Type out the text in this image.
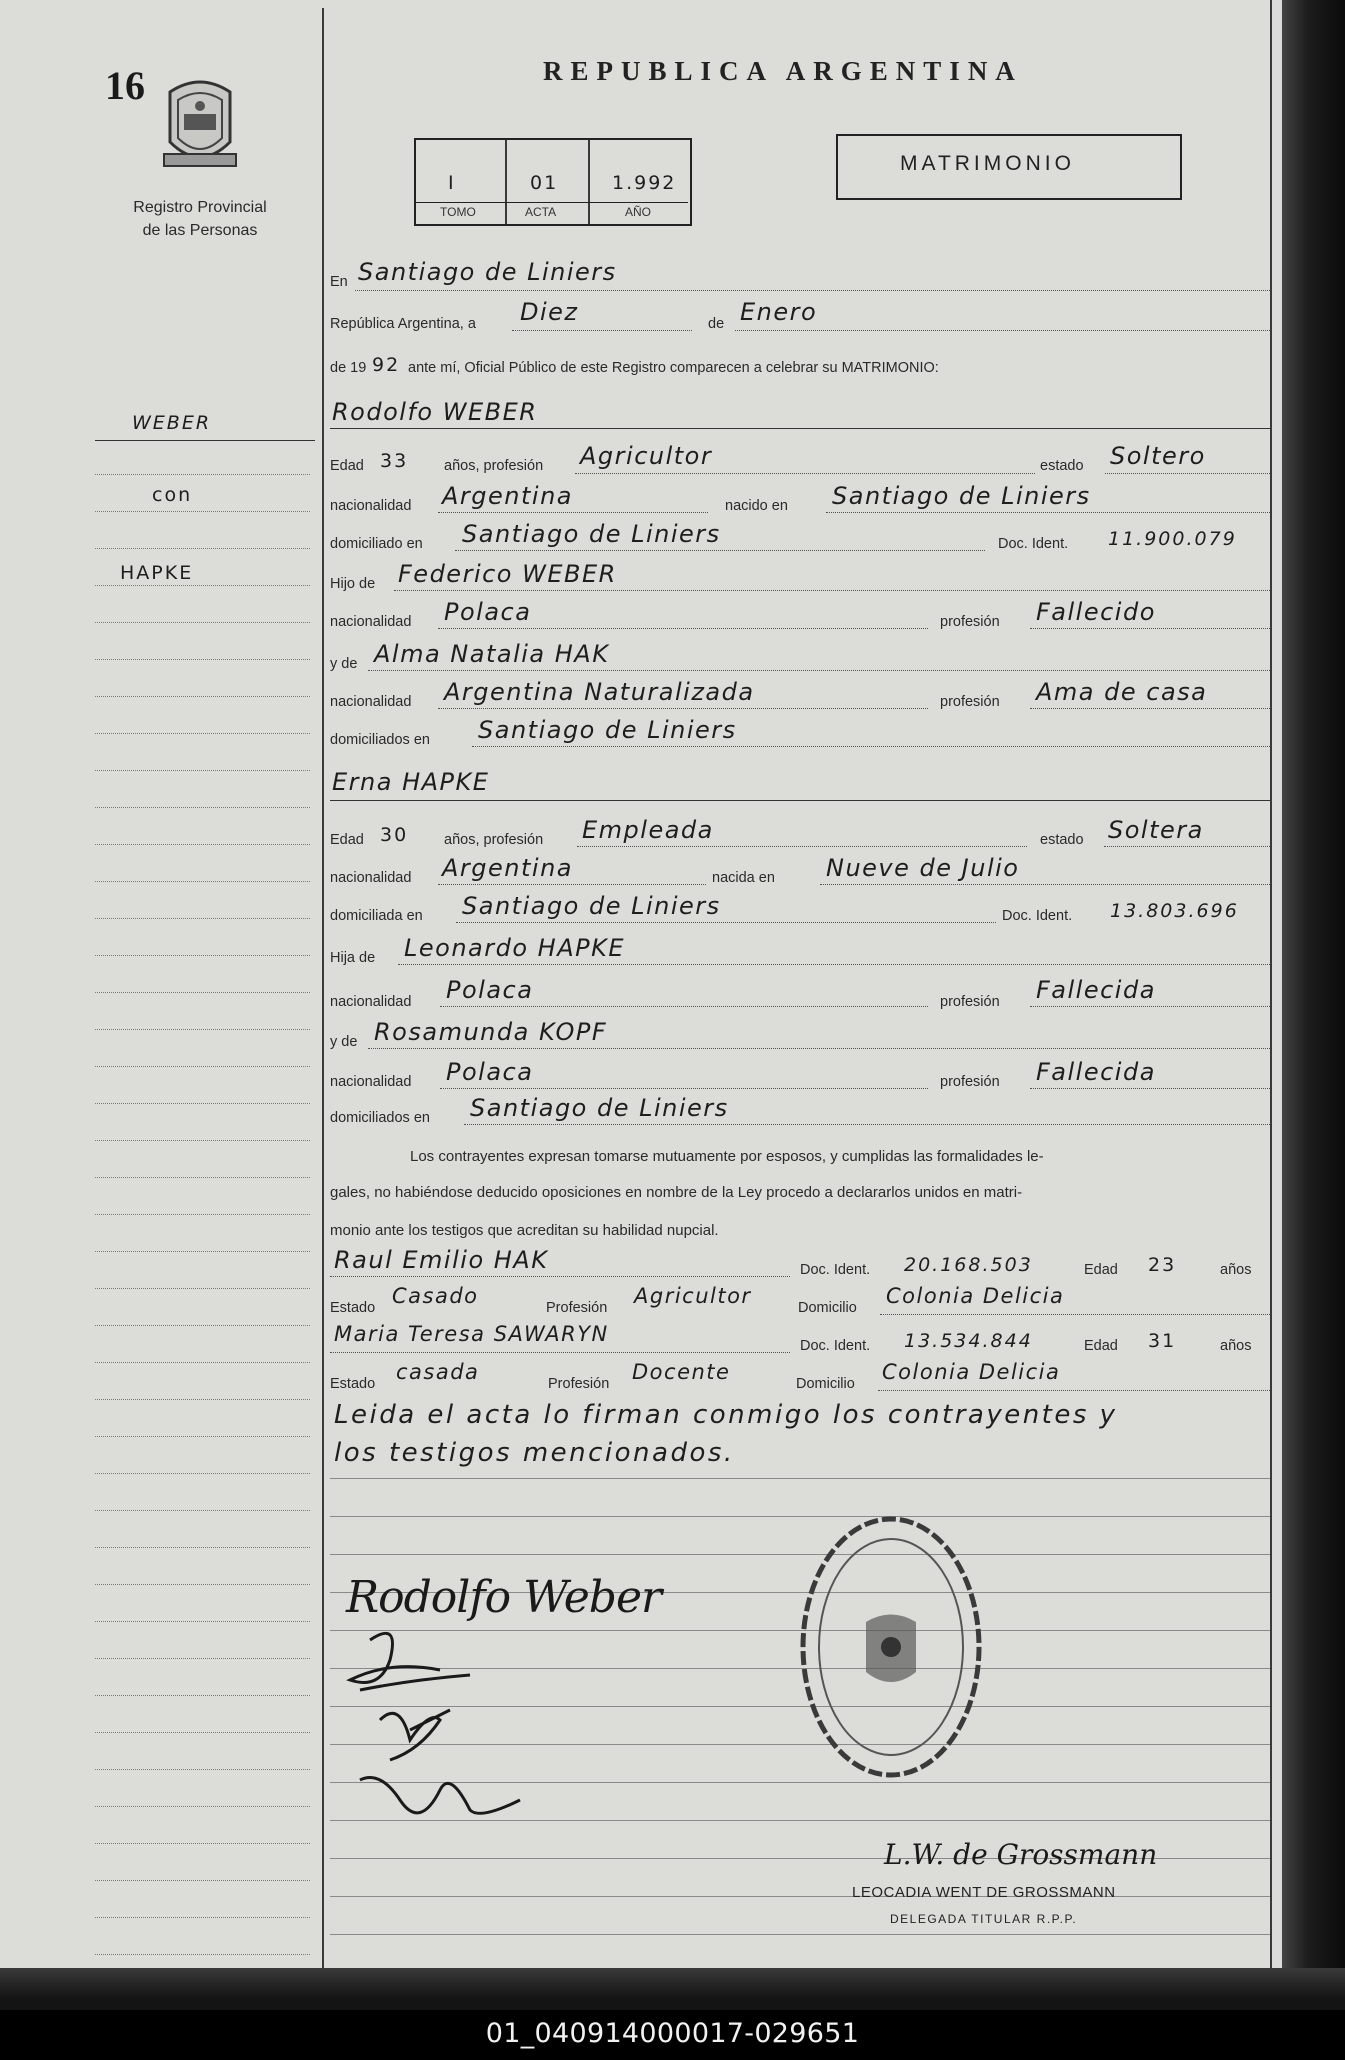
16
Registro Provincial
de las Personas
REPUBLICA ARGENTINA
I	01	1.992
TOMO	ACTA	AÑO
MATRIMONIO
WEBER
con
HAPKE
En Santiago de Liniers
República Argentina, a Diez	de Enero
de 19 92 ante mí, Oficial Público de este Registro comparecen a celebrar su MATRIMONIO:
Rodolfo WEBER
Edad 33 años, profesión Agricultor	estado Soltero
nacionalidad Argentina	nacido en Santiago de Liniers
domiciliado en Santiago de Liniers	Doc. Ident. 11.900.079
Hijo de Federico WEBER
nacionalidad Polaca	profesión Fallecido
y de Alma Natalia HAK
nacionalidad Argentina Naturalizada	profesión Ama de casa
domiciliados en Santiago de Liniers
Erna HAPKE
Edad 30 años, profesión Empleada	estado Soltera
nacionalidad Argentina	nacida en Nueve de Julio
domiciliada en Santiago de Liniers	Doc. Ident. 13.803.696
Hija de Leonardo HAPKE
nacionalidad Polaca	profesión Fallecida
y de Rosamunda KOPF
nacionalidad Polaca	profesión Fallecida
domiciliados en Santiago de Liniers
Los contrayentes expresan tomarse mutuamente por esposos, y cumplidas las formalidades le-
gales, no habiéndose deducido oposiciones en nombre de la Ley procedo a declararlos unidos en matri-
monio ante los testigos que acreditan su habilidad nupcial.
Raul Emilio HAK	Doc. Ident. 20.168.503	Edad 23	años
Estado Casado	Profesión Agricultor	Domicilio Colonia Delicia
Maria Teresa SAWARYN	Doc. Ident. 13.534.844	Edad 31	años
Estado casada	Profesión Docente	Domicilio Colonia Delicia
Leida el acta lo firman conmigo los contrayentes y
los testigos mencionados.
Rodolfo Weber
L.W. de Grossmann
LEOCADIA WENT DE GROSSMANN
DELEGADA TITULAR R.P.P.
01_040914000017-029651
